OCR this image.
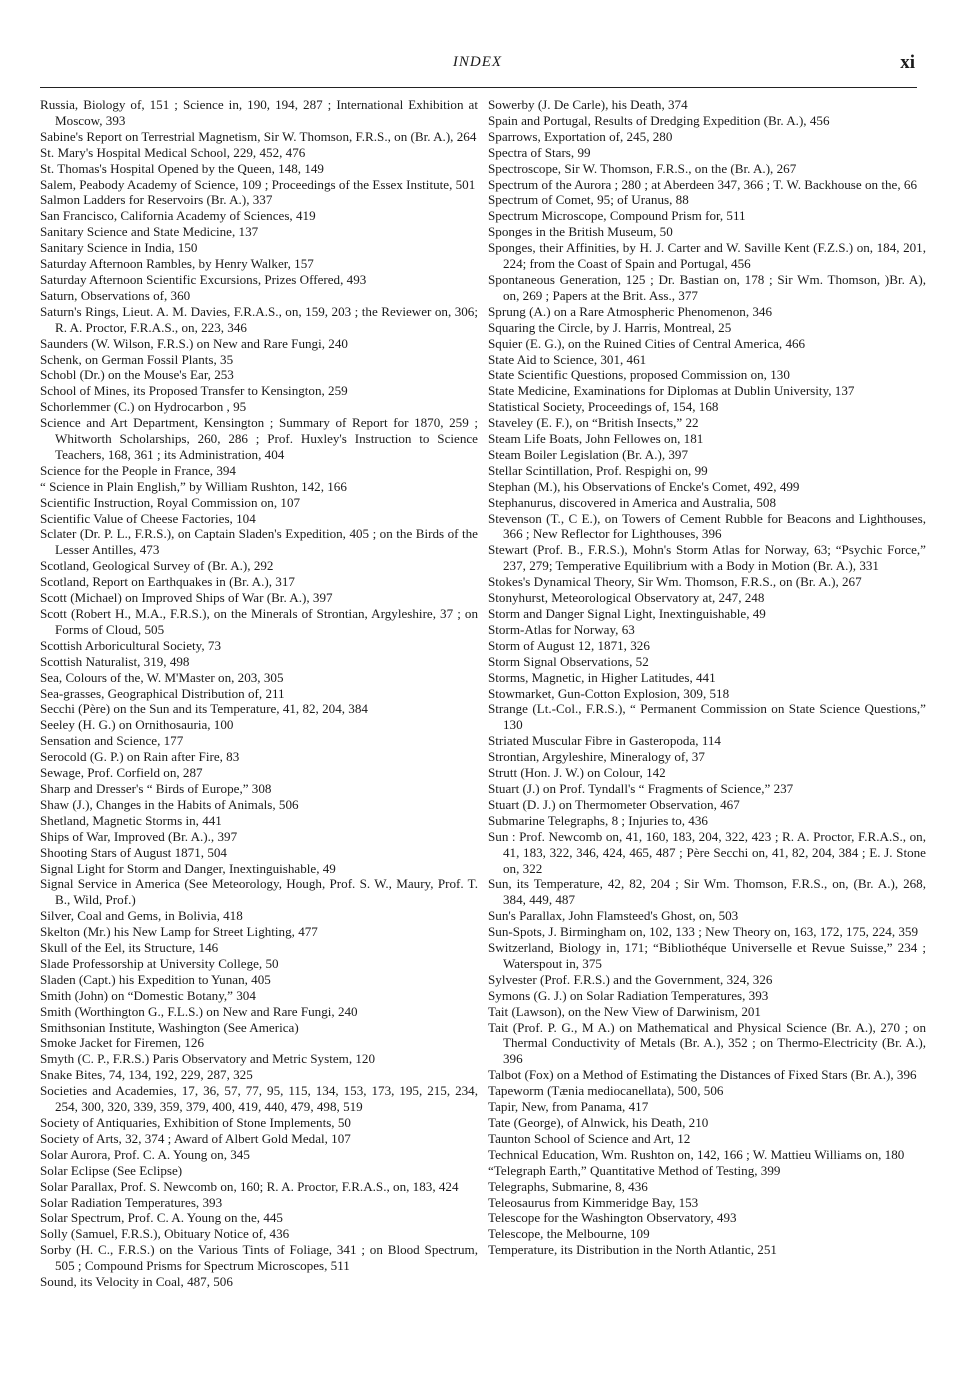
INDEX	xi
Russia, Biology of, 151 ; Science in, 190, 194, 287 ; International Exhibition at Moscow, 393
Sabine's Report on Terrestrial Magnetism, Sir W. Thomson, F.R.S., on (Br. A.), 264
St. Mary's Hospital Medical School, 229, 452, 476
St. Thomas's Hospital Opened by the Queen, 148, 149
Salem, Peabody Academy of Science, 109 ; Proceedings of the Essex Institute, 501
Salmon Ladders for Reservoirs (Br. A.), 337
San Francisco, California Academy of Sciences, 419
Sanitary Science and State Medicine, 137
Sanitary Science in India, 150
Saturday Afternoon Rambles, by Henry Walker, 157
Saturday Afternoon Scientific Excursions, Prizes Offered, 493
Saturn, Observations of, 360
Saturn's Rings, Lieut. A. M. Davies, F.R.A.S., on, 159, 203 ; the Reviewer on, 306; R. A. Proctor, F.R.A.S., on, 223, 346
Saunders (W. Wilson, F.R.S.) on New and Rare Fungi, 240
Schenk, on German Fossil Plants, 35
Schobl (Dr.) on the Mouse's Ear, 253
School of Mines, its Proposed Transfer to Kensington, 259
Schorlemmer (C.) on Hydrocarbon , 95
Science and Art Department, Kensington ; Summary of Report for 1870, 259 ; Whitworth Scholarships, 260, 286 ; Prof. Huxley's Instruction to Science Teachers, 168, 361 ; its Administration, 404
Science for the People in France, 394
“ Science in Plain English,” by William Rushton, 142, 166
Scientific Instruction, Royal Commission on, 107
Scientific Value of Cheese Factories, 104
Sclater (Dr. P. L., F.R.S.), on Captain Sladen's Expedition, 405 ; on the Birds of the Lesser Antilles, 473
Scotland, Geological Survey of (Br. A.), 292
Scotland, Report on Earthquakes in (Br. A.), 317
Scott (Michael) on Improved Ships of War (Br. A.), 397
Scott (Robert H., M.A., F.R.S.), on the Minerals of Strontian, Argyleshire, 37 ; on Forms of Cloud, 505
Scottish Arboricultural Society, 73
Scottish Naturalist, 319, 498
Sea, Colours of the, W. M'Master on, 203, 305
Sea-grasses, Geographical Distribution of, 211
Secchi (Père) on the Sun and its Temperature, 41, 82, 204, 384
Seeley (H. G.) on Ornithosauria, 100
Sensation and Science, 177
Serocold (G. P.) on Rain after Fire, 83
Sewage, Prof. Corfield on, 287
Sharp and Dresser's “ Birds of Europe,” 308
Shaw (J.), Changes in the Habits of Animals, 506
Shetland, Magnetic Storms in, 441
Ships of War, Improved (Br. A.)., 397
Shooting Stars of August 1871, 504
Signal Light for Storm and Danger, Inextinguishable, 49
Signal Service in America (See Meteorology, Hough, Prof. S. W., Maury, Prof. T. B., Wild, Prof.)
Silver, Coal and Gems, in Bolivia, 418
Skelton (Mr.) his New Lamp for Street Lighting, 477
Skull of the Eel, its Structure, 146
Slade Professorship at University College, 50
Sladen (Capt.) his Expedition to Yunan, 405
Smith (John) on “Domestic Botany,” 304
Smith (Worthington G., F.L.S.) on New and Rare Fungi, 240
Smithsonian Institute, Washington (See America)
Smoke Jacket for Firemen, 126
Smyth (C. P., F.R.S.) Paris Observatory and Metric System, 120
Snake Bites, 74, 134, 192, 229, 287, 325
Societies and Academies, 17, 36, 57, 77, 95, 115, 134, 153, 173, 195, 215, 234, 254, 300, 320, 339, 359, 379, 400, 419, 440, 479, 498, 519
Society of Antiquaries, Exhibition of Stone Implements, 50
Society of Arts, 32, 374 ; Award of Albert Gold Medal, 107
Solar Aurora, Prof. C. A. Young on, 345
Solar Eclipse (See Eclipse)
Solar Parallax, Prof. S. Newcomb on, 160; R. A. Proctor, F.R.A.S., on, 183, 424
Solar Radiation Temperatures, 393
Solar Spectrum, Prof. C. A. Young on the, 445
Solly (Samuel, F.R.S.), Obituary Notice of, 436
Sorby (H. C., F.R.S.) on the Various Tints of Foliage, 341 ; on Blood Spectrum, 505 ; Compound Prisms for Spectrum Microscopes, 511
Sound, its Velocity in Coal, 487, 506
Sowerby (J. De Carle), his Death, 374
Spain and Portugal, Results of Dredging Expedition (Br. A.), 456
Sparrows, Exportation of, 245, 280
Spectra of Stars, 99
Spectroscope, Sir W. Thomson, F.R.S., on the (Br. A.), 267
Spectrum of the Aurora ; 280 ; at Aberdeen 347, 366 ; T. W. Backhouse on the, 66
Spectrum of Comet, 95; of Uranus, 88
Spectrum Microscope, Compound Prism for, 511
Sponges in the British Museum, 50
Sponges, their Affinities, by H. J. Carter and W. Saville Kent (F.Z.S.) on, 184, 201, 224; from the Coast of Spain and Portugal, 456
Spontaneous Generation, 125 ; Dr. Bastian on, 178 ; Sir Wm. Thomson, )Br. A), on, 269 ; Papers at the Brit. Ass., 377
Sprung (A.) on a Rare Atmospheric Phenomenon, 346
Squaring the Circle, by J. Harris, Montreal, 25
Squier (E. G.), on the Ruined Cities of Central America, 466
State Aid to Science, 301, 461
State Scientific Questions, proposed Commission on, 130
State Medicine, Examinations for Diplomas at Dublin University, 137
Statistical Society, Proceedings of, 154, 168
Staveley (E. F.), on “British Insects,” 22
Steam Life Boats, John Fellowes on, 181
Steam Boiler Legislation (Br. A.), 397
Stellar Scintillation, Prof. Respighi on, 99
Stephan (M.), his Observations of Encke's Comet, 492, 499
Stephanurus, discovered in America and Australia, 508
Stevenson (T., C E.), on Towers of Cement Rubble for Beacons and Lighthouses, 366 ; New Reflector for Lighthouses, 396
Stewart (Prof. B., F.R.S.), Mohn's Storm Atlas for Norway, 63; “Psychic Force,” 237, 279; Temperative Equilibrium with a Body in Motion (Br. A.), 331
Stokes's Dynamical Theory, Sir Wm. Thomson, F.R.S., on (Br. A.), 267
Stonyhurst, Meteorological Observatory at, 247, 248
Storm and Danger Signal Light, Inextinguishable, 49
Storm-Atlas for Norway, 63
Storm of August 12, 1871, 326
Storm Signal Observations, 52
Storms, Magnetic, in Higher Latitudes, 441
Stowmarket, Gun-Cotton Explosion, 309, 518
Strange (Lt.-Col., F.R.S.), “ Permanent Commission on State Science Questions,” 130
Striated Muscular Fibre in Gasteropoda, 114
Strontian, Argyleshire, Mineralogy of, 37
Strutt (Hon. J. W.) on Colour, 142
Stuart (J.) on Prof. Tyndall's “ Fragments of Science,” 237
Stuart (D. J.) on Thermometer Observation, 467
Submarine Telegraphs, 8 ; Injuries to, 436
Sun : Prof. Newcomb on, 41, 160, 183, 204, 322, 423 ; R. A. Proctor, F.R.A.S., on, 41, 183, 322, 346, 424, 465, 487 ; Père Secchi on, 41, 82, 204, 384 ; E. J. Stone on, 322
Sun, its Temperature, 42, 82, 204 ; Sir Wm. Thomson, F.R.S., on, (Br. A.), 268, 384, 449, 487
Sun's Parallax, John Flamsteed's Ghost, on, 503
Sun-Spots, J. Birmingham on, 102, 133 ; New Theory on, 163, 172, 175, 224, 359
Switzerland, Biology in, 171; “Bibliothéque Universelle et Revue Suisse,” 234 ; Waterspout in, 375
Sylvester (Prof. F.R.S.) and the Government, 324, 326
Symons (G. J.) on Solar Radiation Temperatures, 393
Tait (Lawson), on the New View of Darwinism, 201
Tait (Prof. P. G., M A.) on Mathematical and Physical Science (Br. A.), 270 ; on Thermal Conductivity of Metals (Br. A.), 352 ; on Thermo-Electricity (Br. A.), 396
Talbot (Fox) on a Method of Estimating the Distances of Fixed Stars (Br. A.), 396
Tapeworm (Tænia mediocanellata), 500, 506
Tapir, New, from Panama, 417
Tate (George), of Alnwick, his Death, 210
Taunton School of Science and Art, 12
Technical Education, Wm. Rushton on, 142, 166 ; W. Mattieu Williams on, 180
“Telegraph Earth,” Quantitative Method of Testing, 399
Telegraphs, Submarine, 8, 436
Teleosaurus from Kimmeridge Bay, 153
Telescope for the Washington Observatory, 493
Telescope, the Melbourne, 109
Temperature, its Distribution in the North Atlantic, 251
